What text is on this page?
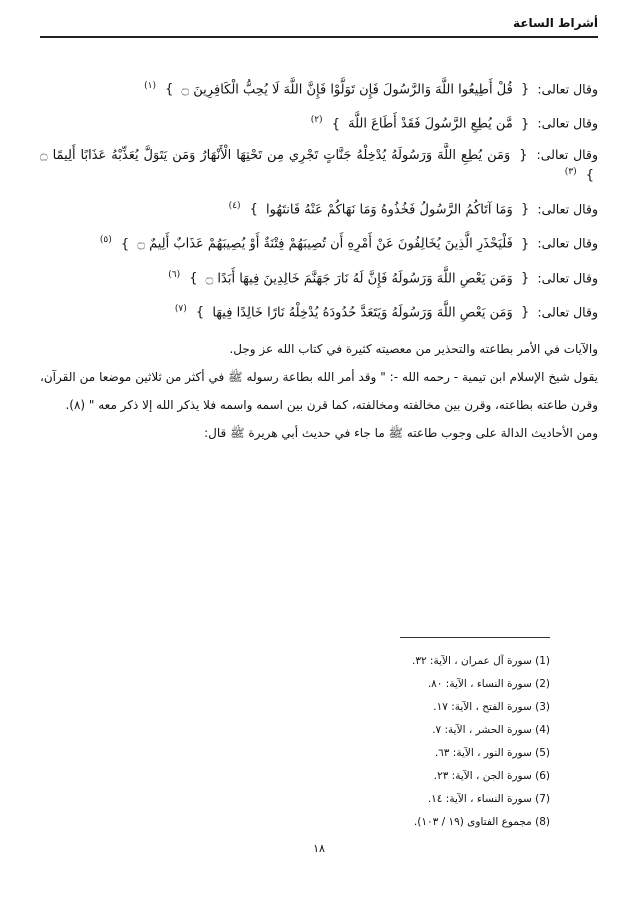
أشراط الساعة

وقال تعالى: { قُلْ أَطِيعُوا اللَّهَ وَالرَّسُولَ فَإِن تَوَلَّوْا فَإِنَّ اللَّهَ لَا يُحِبُّ الْكَافِرِينَ ۝ } $^{(١)}$

وقال تعالى: { مَّن يُطِعِ الرَّسُولَ فَقَدْ أَطَاعَ اللَّهَ } $^{(٢)}$

وقال تعالى: { وَمَن يُطِعِ اللَّهَ وَرَسُولَهُ يُدْخِلْهُ جَنَّاتٍ تَجْرِي مِن تَحْتِهَا الْأَنْهَارُ وَمَن يَتَوَلَّ يُعَذِّبْهُ عَذَابًا أَلِيمًا ۝ } $^{(٣)}$

وقال تعالى: { وَمَا آتَاكُمُ الرَّسُولُ فَخُذُوهُ وَمَا نَهَاكُمْ عَنْهُ فَانتَهُوا } $^{(٤)}$

وقال تعالى: { فَلْيَحْذَرِ الَّذِينَ يُخَالِفُونَ عَنْ أَمْرِهِ أَن تُصِيبَهُمْ فِتْنَةٌ أَوْ يُصِيبَهُمْ عَذَابٌ أَلِيمٌ ۝ } $^{(٥)}$

وقال تعالى: { وَمَن يَعْصِ اللَّهَ وَرَسُولَهُ فَإِنَّ لَهُ نَارَ جَهَنَّمَ خَالِدِينَ فِيهَا أَبَدًا ۝ } $^{(٦)}$

وقال تعالى: { وَمَن يَعْصِ اللَّهَ وَرَسُولَهُ وَيَتَعَدَّ حُدُودَهُ يُدْخِلْهُ نَارًا خَالِدًا فِيهَا } $^{(٧)}$

والآيات في الأمر بطاعته والتحذير من معصيته كثيرة في كتاب الله عز وجل.

يقول شيخ الإسلام ابن تيمية - رحمه الله -: " وقد أمر الله بطاعة رسوله ﷺ في أكثر من ثلاثين موضعا من القرآن، وقرن طاعته بطاعته، وقرن بين مخالفته ومخالفته، كما قرن بين اسمه واسمه فلا يذكر الله إلا ذكر معه " (٨).

ومن الأحاديث الدالة على وجوب طاعته ﷺ ما جاء في حديث أبي هريرة ﷺ قال:

(1) سورة آل عمران ، الآية: ٣٢.
(2) سورة النساء ، الآية: ٨٠.
(3) سورة الفتح ، الآية: ١٧.
(4) سورة الحشر ، الآية: ٧.
(5) سورة النور ، الآية: ٦٣.
(6) سورة الجن ، الآية: ٢٣.
(7) سورة النساء ، الآية: ١٤.
(8) مجموع الفتاوى (١٩ / ١٠٣).
١٨
